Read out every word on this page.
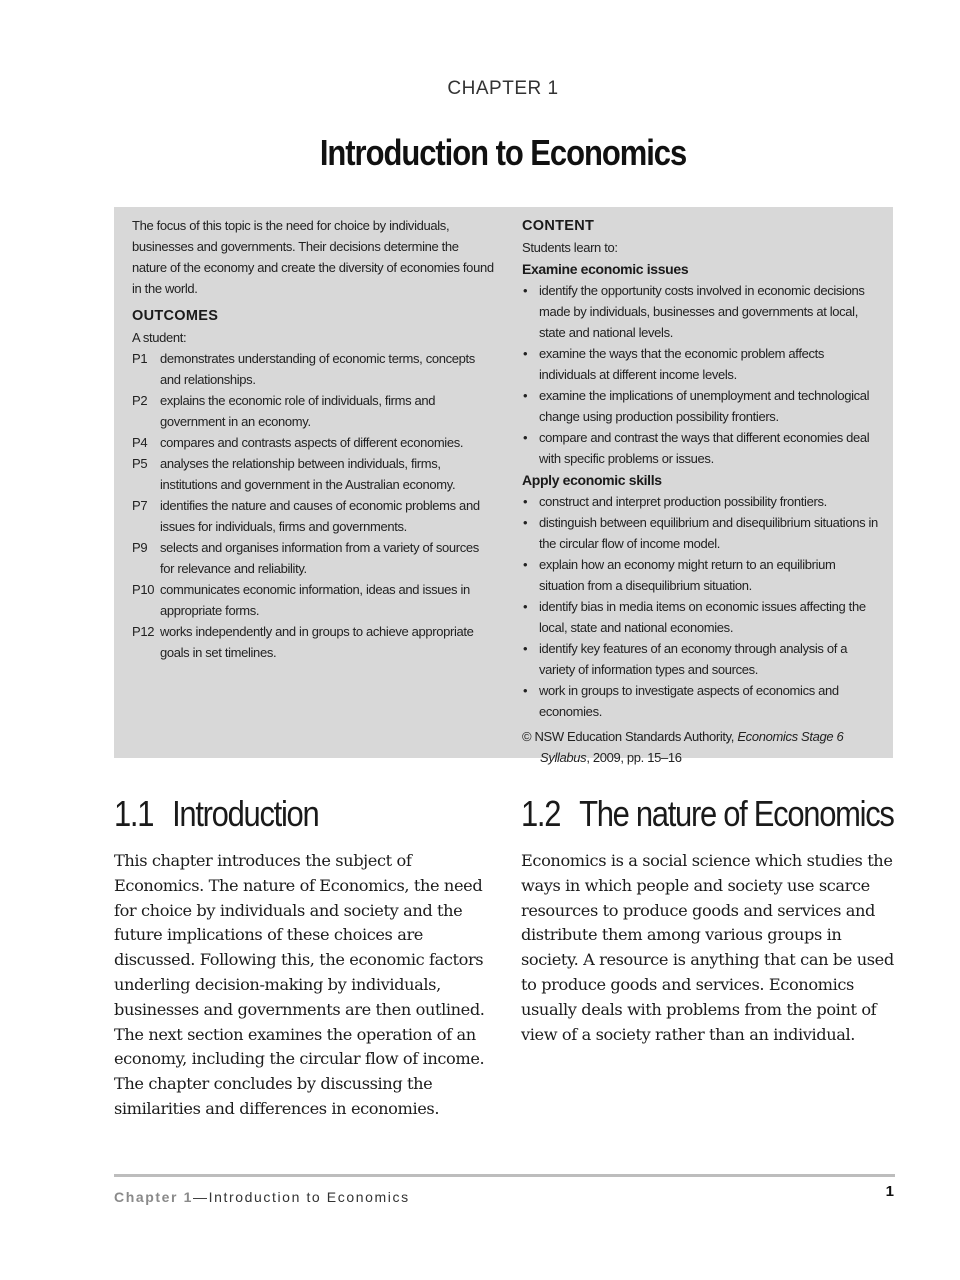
CHAPTER 1
Introduction to Economics
The focus of this topic is the need for choice by individuals, businesses and governments. Their decisions determine the nature of the economy and create the diversity of economies found in the world.
OUTCOMES
A student:
P1 demonstrates understanding of economic terms, concepts and relationships.
P2 explains the economic role of individuals, firms and government in an economy.
P4 compares and contrasts aspects of different economies.
P5 analyses the relationship between individuals, firms, institutions and government in the Australian economy.
P7 identifies the nature and causes of economic problems and issues for individuals, firms and governments.
P9 selects and organises information from a variety of sources for relevance and reliability.
P10 communicates economic information, ideas and issues in appropriate forms.
P12 works independently and in groups to achieve appropriate goals in set timelines.
CONTENT
Students learn to:
Examine economic issues
• identify the opportunity costs involved in economic decisions made by individuals, businesses and governments at local, state and national levels.
• examine the ways that the economic problem affects individuals at different income levels.
• examine the implications of unemployment and technological change using production possibility frontiers.
• compare and contrast the ways that different economies deal with specific problems or issues.
Apply economic skills
• construct and interpret production possibility frontiers.
• distinguish between equilibrium and disequilibrium situations in the circular flow of income model.
• explain how an economy might return to an equilibrium situation from a disequilibrium situation.
• identify bias in media items on economic issues affecting the local, state and national economies.
• identify key features of an economy through analysis of a variety of information types and sources.
• work in groups to investigate aspects of economics and economies.
© NSW Education Standards Authority, Economics Stage 6 Syllabus, 2009, pp. 15–16
1.1 Introduction
This chapter introduces the subject of Economics. The nature of Economics, the need for choice by individuals and society and the future implications of these choices are discussed. Following this, the economic factors underling decision-making by individuals, businesses and governments are then outlined. The next section examines the operation of an economy, including the circular flow of income. The chapter concludes by discussing the similarities and differences in economies.
1.2 The nature of Economics
Economics is a social science which studies the ways in which people and society use scarce resources to produce goods and services and distribute them among various groups in society. A resource is anything that can be used to produce goods and services. Economics usually deals with problems from the point of view of a society rather than an individual.
Chapter 1—Introduction to Economics	1
